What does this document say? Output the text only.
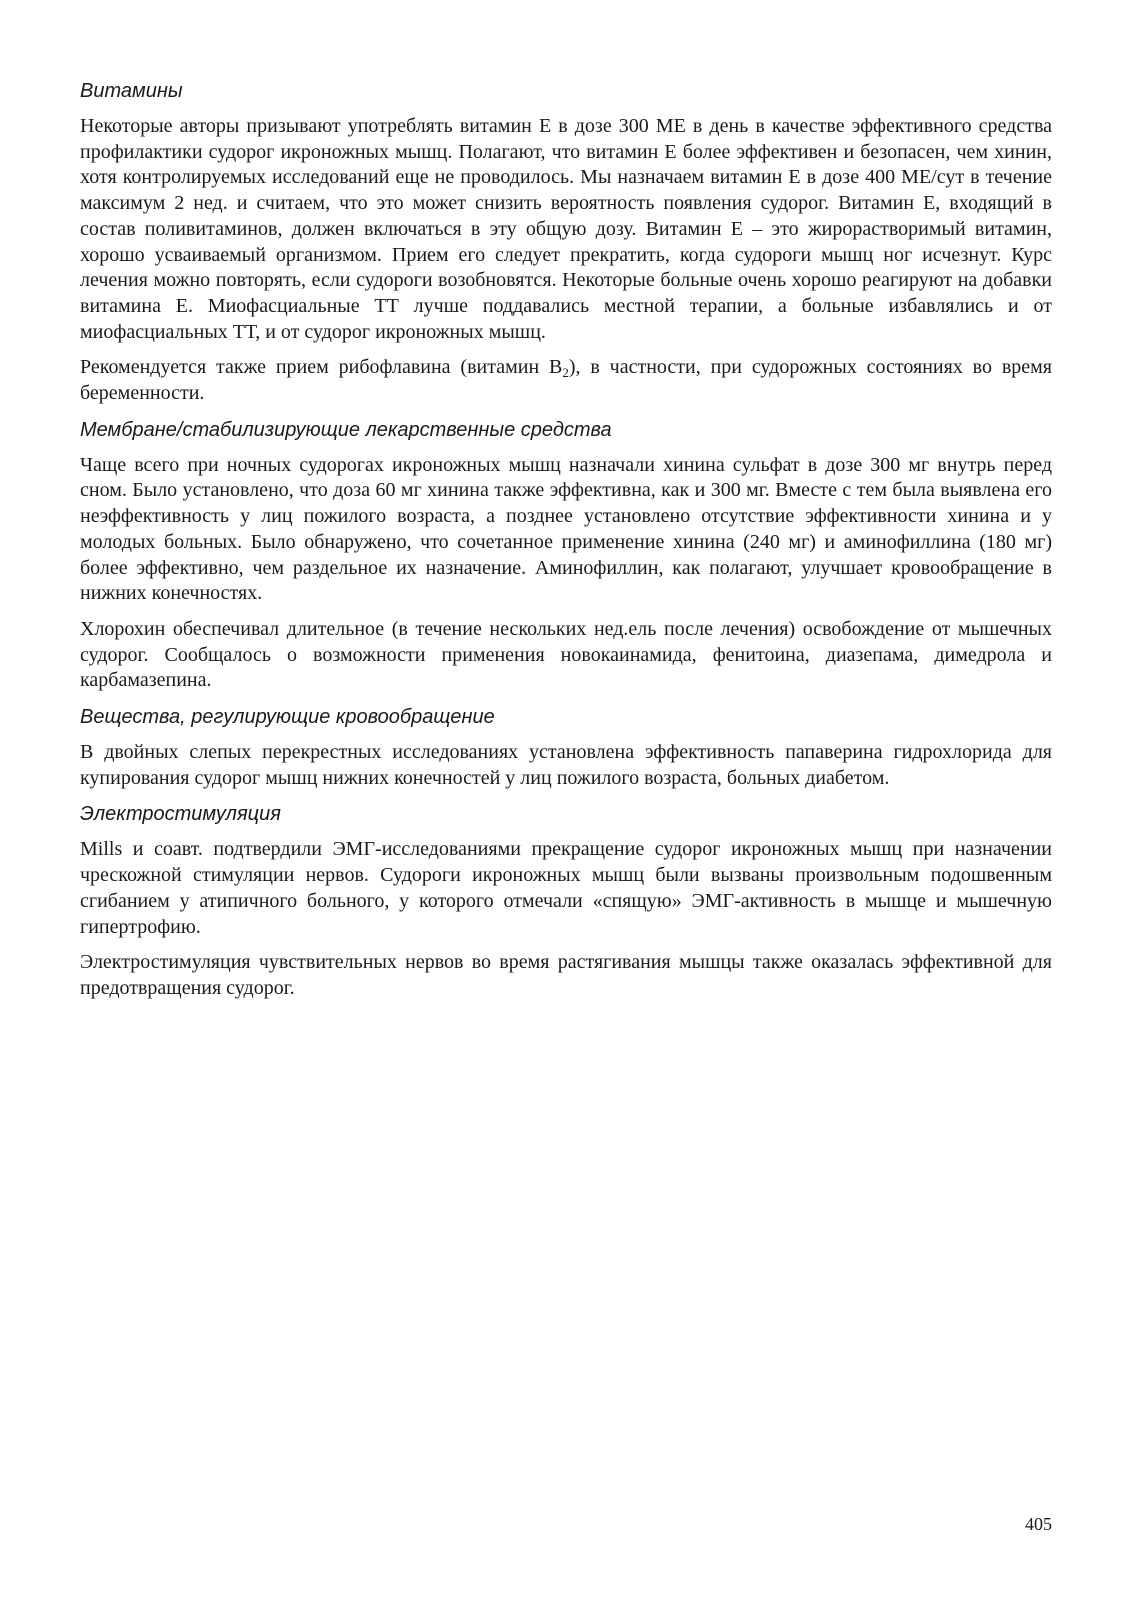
Витамины

Некоторые авторы призывают употреблять витамин E в дозе 300 ME в день в качестве эффективного средства профилактики судорог икроножных мышц. Полагают, что витамин E более эффективен и безопасен, чем хинин, хотя контролируемых исследований еще не проводилось. Мы назначаем витамин E в дозе 400 МЕ/сут в течение максимум 2 нед. и считаем, что это может снизить вероятность появления судорог. Витамин E, входящий в состав поливитаминов, должен включаться в эту общую дозу. Витамин E – это жирорастворимый витамин, хорошо усваиваемый организмом. Прием его следует прекратить, когда судороги мышц ног исчезнут. Курс лечения можно повторять, если судороги возобновятся. Некоторые больные очень хорошо реагируют на добавки витамина E. Миофасциальные ТТ лучше поддавались местной терапии, а больные избавлялись и от миофасциальных ТТ, и от судорог икроножных мышц.

Рекомендуется также прием рибофлавина (витамин $B_2$), в частности, при судорожных состояниях во время беременности.

Мембране/стабилизирующие лекарственные средства

Чаще всего при ночных судорогах икроножных мышц назначали хинина сульфат в дозе 300 мг внутрь перед сном. Было установлено, что доза 60 мг хинина также эффективна, как и 300 мг. Вместе с тем была выявлена его неэффективность у лиц пожилого возраста, а позднее установлено отсутствие эффективности хинина и у молодых больных. Было обнаружено, что сочетанное применение хинина (240 мг) и аминофиллина (180 мг) более эффективно, чем раздельное их назначение. Аминофиллин, как полагают, улучшает кровообращение в нижних конечностях.

Хлорохин обеспечивал длительное (в течение нескольких нед.ель после лечения) освобождение от мышечных судорог. Сообщалось о возможности применения новокаинамида, фенитоина, диазепама, димедрола и карбамазепина.

Вещества, регулирующие кровообращение

В двойных слепых перекрестных исследованиях установлена эффективность папаверина гидрохлорида для купирования судорог мышц нижних конечностей у лиц пожилого возраста, больных диабетом.

Электростимуляция

Mills и соавт. подтвердили ЭМГ-исследованиями прекращение судорог икроножных мышц при назначении чрескожной стимуляции нервов. Судороги икроножных мышц были вызваны произвольным подошвенным сгибанием у атипичного больного, у которого отмечали «спящую» ЭМГ-активность в мышце и мышечную гипертрофию.

Электростимуляция чувствительных нервов во время растягивания мышцы также оказалась эффективной для предотвращения судорог.

405
